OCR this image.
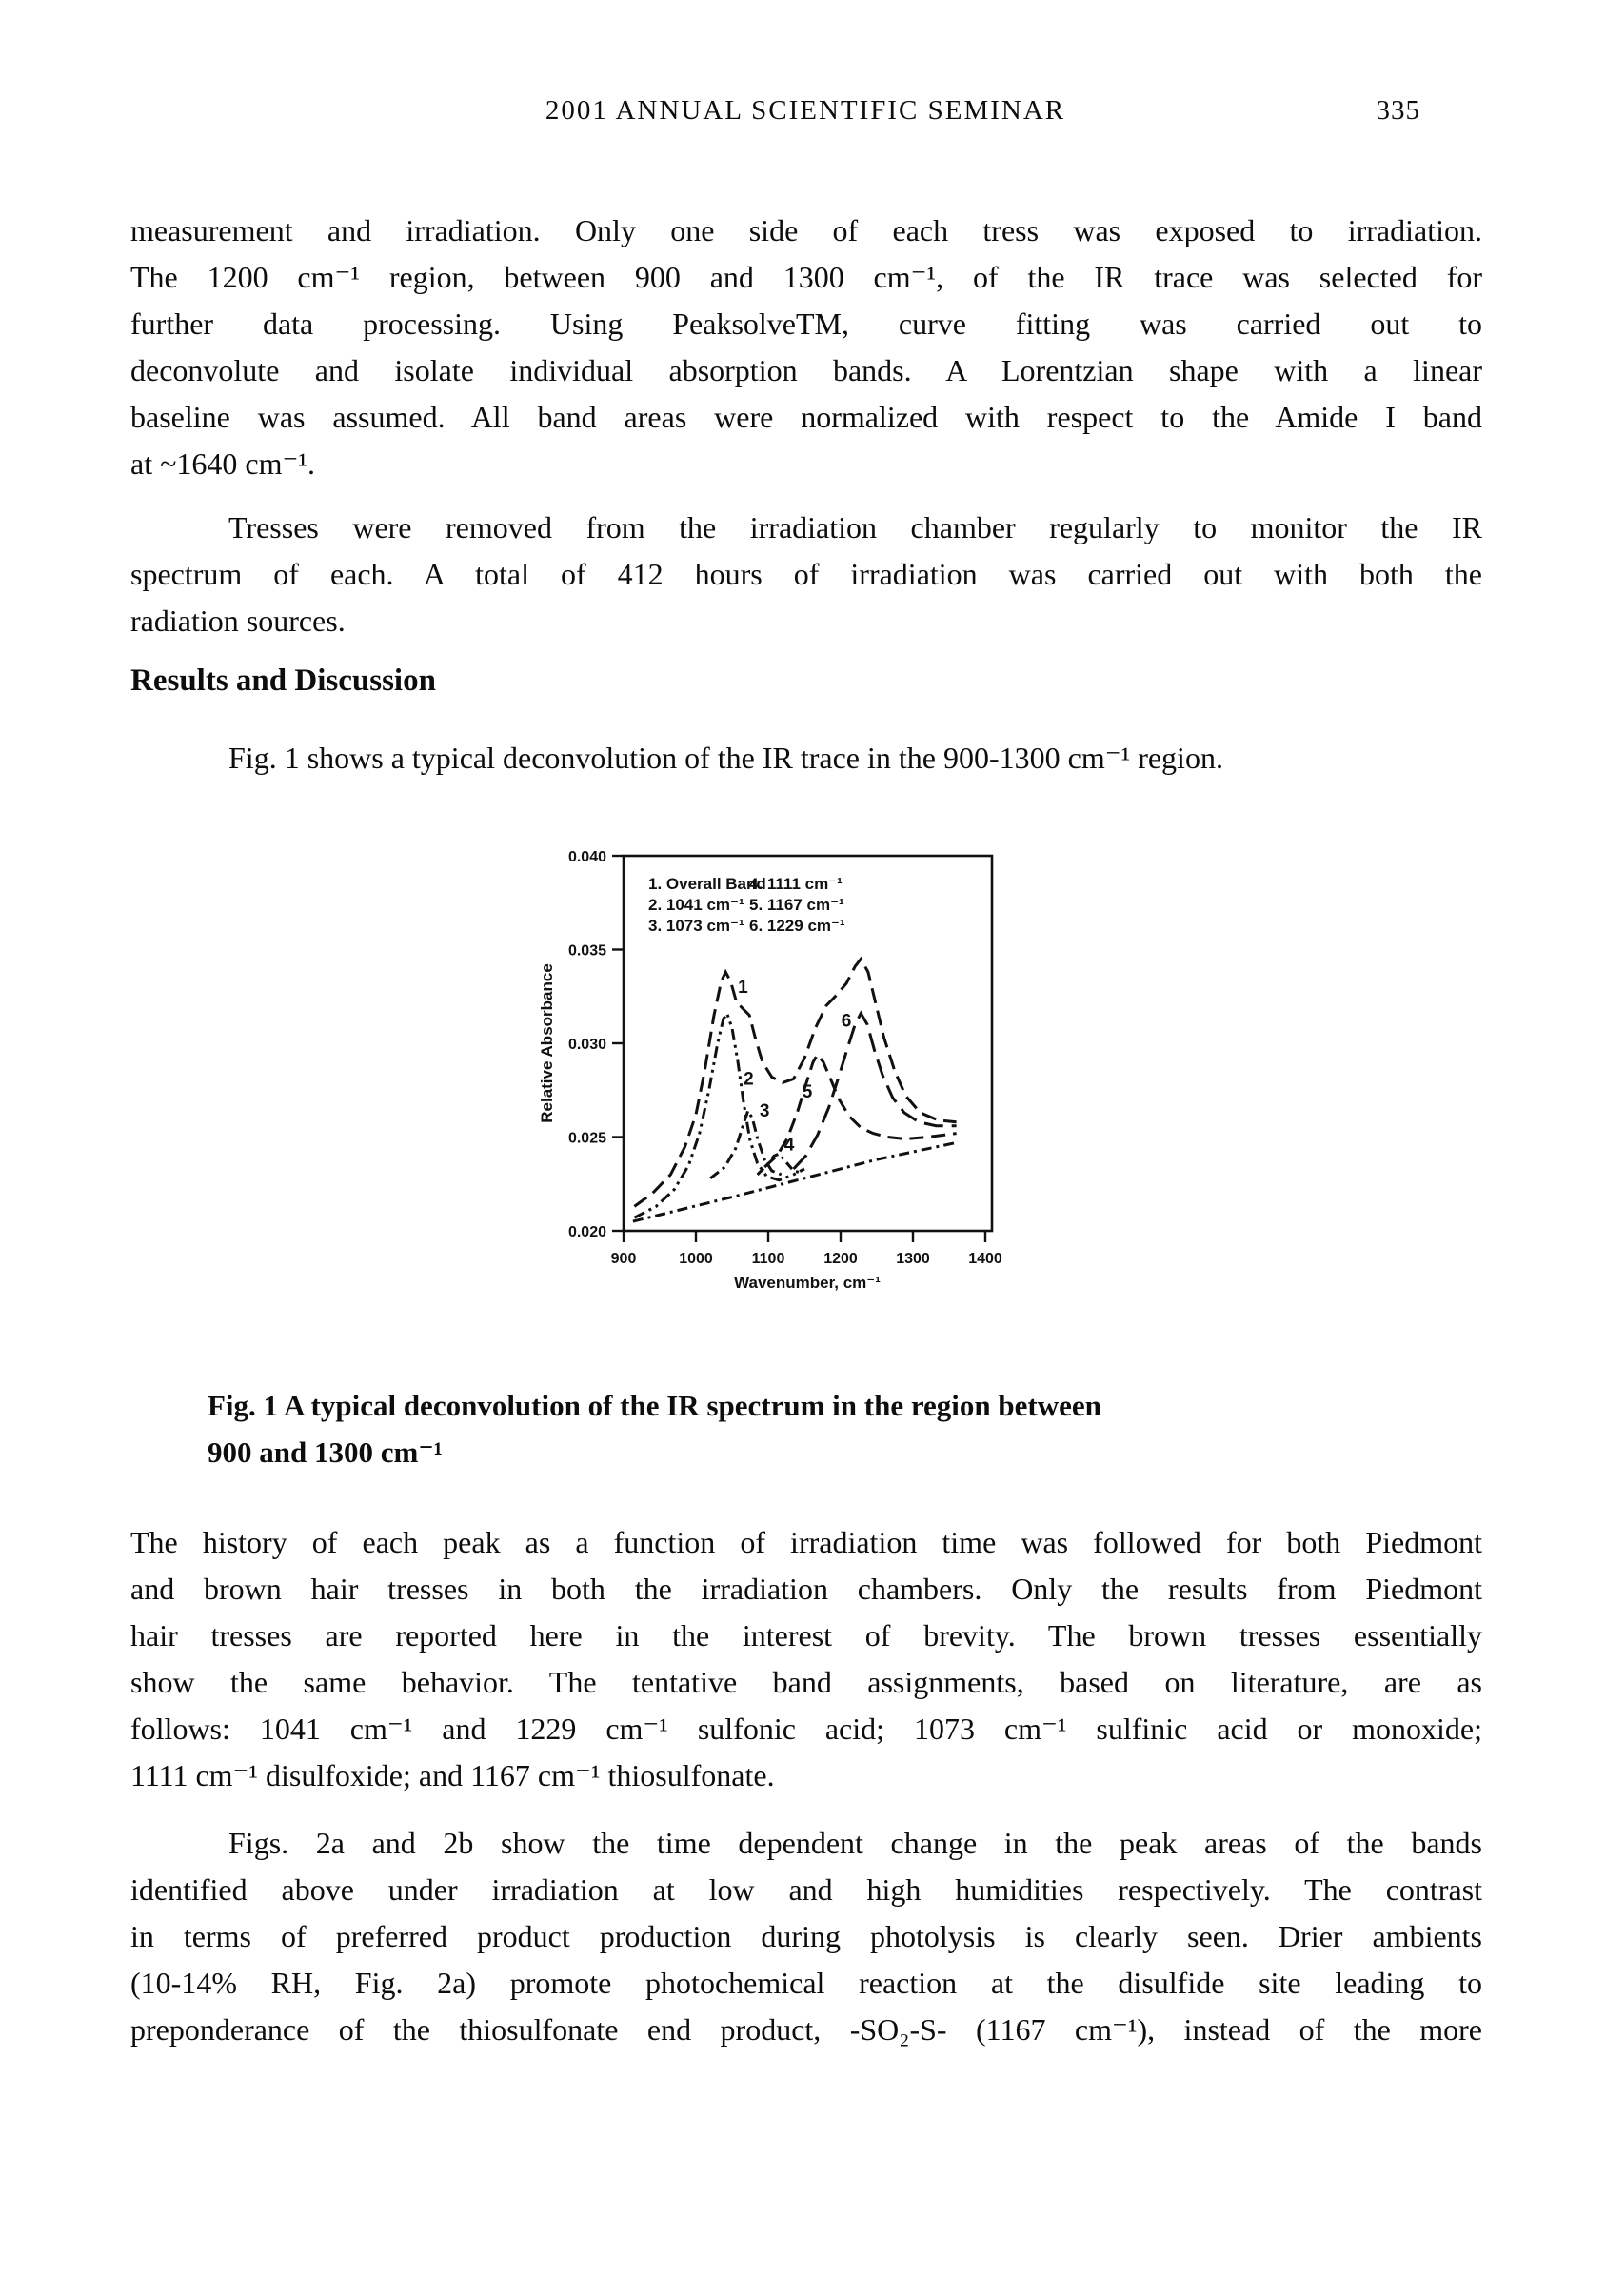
2001 ANNUAL SCIENTIFIC SEMINAR	335
measurement and irradiation. Only one side of each tress was exposed to irradiation.
The 1200 cm⁻¹ region, between 900 and 1300 cm⁻¹, of the IR trace was selected for
further data processing. Using PeaksolveTM, curve fitting was carried out to
deconvolute and isolate individual absorption bands. A Lorentzian shape with a linear
baseline was assumed. All band areas were normalized with respect to the Amide I band
at ~1640 cm⁻¹.
Tresses were removed from the irradiation chamber regularly to monitor the IR
spectrum of each. A total of 412 hours of irradiation was carried out with both the
radiation sources.
Results and Discussion
Fig. 1 shows a typical deconvolution of the IR trace in the 900-1300 cm⁻¹ region.
0.020
0.025
0.030
0.035
0.040
900	1000	1100	1200	1300	1400
1
2
3
4
5
6
1. Overall Band
2. 1041 cm⁻¹
3. 1073 cm⁻¹
4. 1111 cm⁻¹
5. 1167 cm⁻¹
6. 1229 cm⁻¹
Wavenumber, cm⁻¹
Relative Absorbance
Fig. 1 A typical deconvolution of the IR spectrum in the region between
900 and 1300 cm⁻¹
The history of each peak as a function of irradiation time was followed for both Piedmont
and brown hair tresses in both the irradiation chambers. Only the results from Piedmont
hair tresses are reported here in the interest of brevity. The brown tresses essentially
show the same behavior. The tentative band assignments, based on literature, are as
follows: 1041 cm⁻¹ and 1229 cm⁻¹ sulfonic acid; 1073 cm⁻¹ sulfinic acid or monoxide;
1111 cm⁻¹ disulfoxide; and 1167 cm⁻¹ thiosulfonate.
Figs. 2a and 2b show the time dependent change in the peak areas of the bands
identified above under irradiation at low and high humidities respectively. The contrast
in terms of preferred product production during photolysis is clearly seen. Drier ambients
(10-14% RH, Fig. 2a) promote photochemical reaction at the disulfide site leading to
preponderance of the thiosulfonate end product, -SO₂-S- (1167 cm⁻¹), instead of the more
